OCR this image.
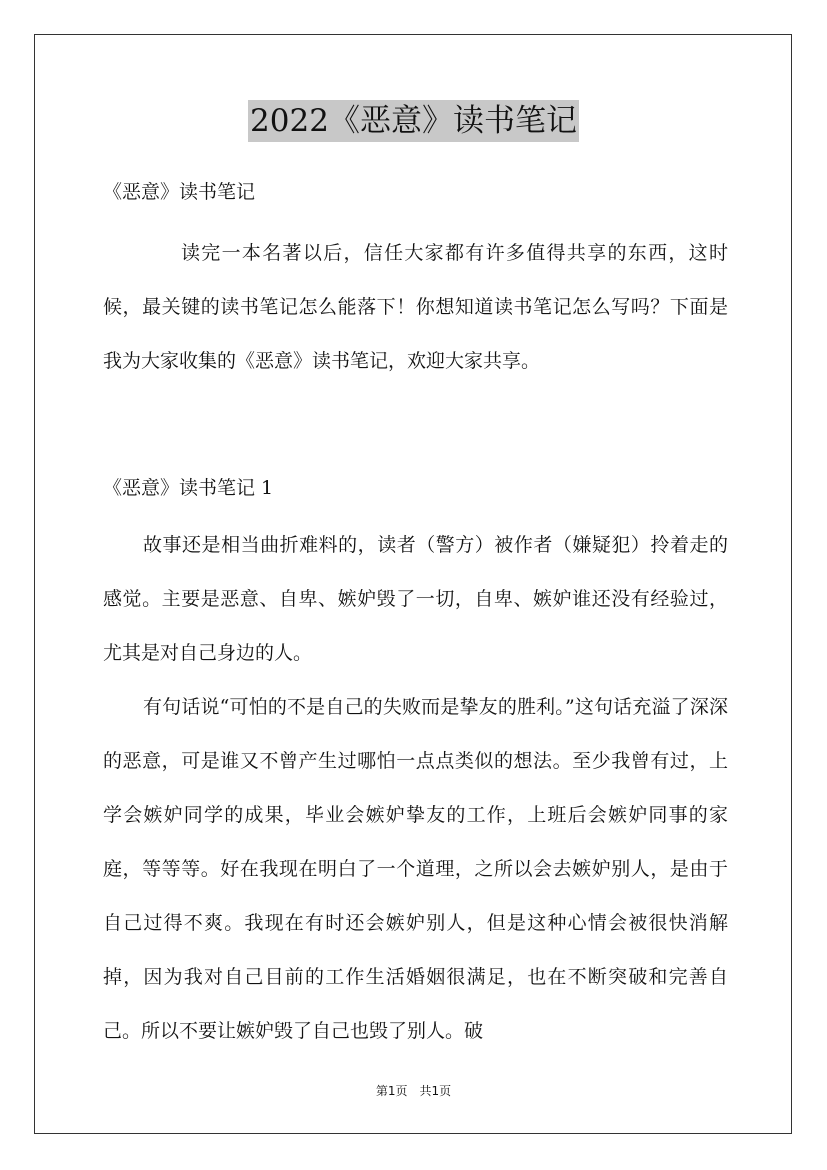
2022《恶意》读书笔记

《恶意》读书笔记

读完一本名著以后，信任大家都有许多值得共享的东西，这时候，最关键的读书笔记怎么能落下！你想知道读书笔记怎么写吗？下面是我为大家收集的《恶意》读书笔记，欢迎大家共享。

《恶意》读书笔记 1

故事还是相当曲折难料的，读者（警方）被作者（嫌疑犯）拎着走的感觉。主要是恶意、自卑、嫉妒毁了一切，自卑、嫉妒谁还没有经验过，尤其是对自己身边的人。

有句话说“可怕的不是自己的失败而是挚友的胜利。”这句话充溢了深深的恶意，可是谁又不曾产生过哪怕一点点类似的想法。至少我曾有过，上学会嫉妒同学的成果，毕业会嫉妒挚友的工作，上班后会嫉妒同事的家庭，等等等。好在我现在明白了一个道理，之所以会去嫉妒别人，是由于自己过得不爽。我现在有时还会嫉妒别人，但是这种心情会被很快消解掉，因为我对自己目前的工作生活婚姻很满足，也在不断突破和完善自己。所以不要让嫉妒毁了自己也毁了别人。破

第1页　共1页
